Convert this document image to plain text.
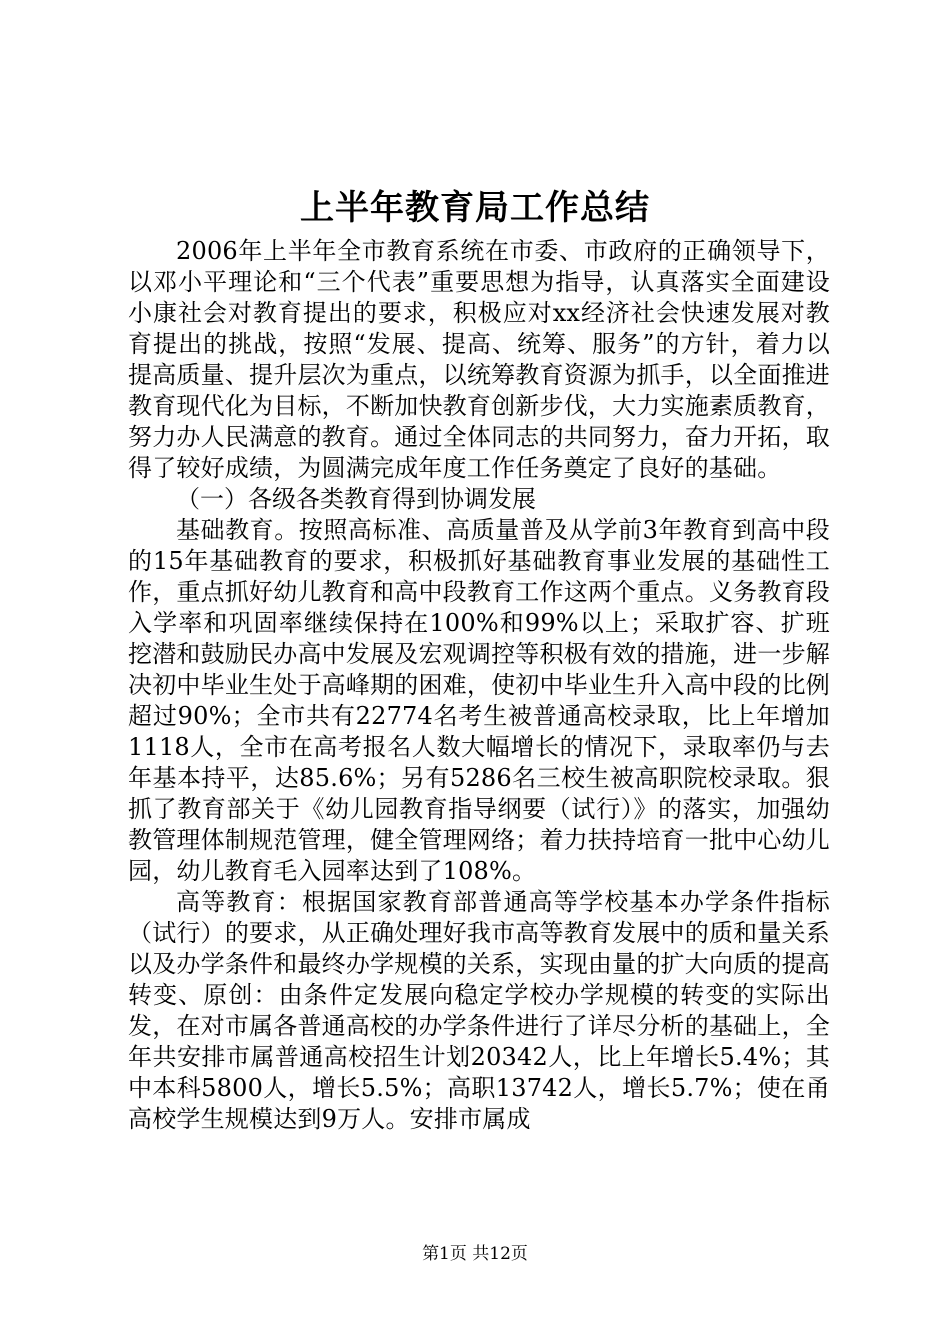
上半年教育局工作总结

2006年上半年全市教育系统在市委、市政府的正确领导下，以邓小平理论和“三个代表”重要思想为指导，认真落实全面建设小康社会对教育提出的要求，积极应对xx经济社会快速发展对教育提出的挑战，按照“发展、提高、统筹、服务”的方针，着力以提高质量、提升层次为重点，以统筹教育资源为抓手，以全面推进教育现代化为目标，不断加快教育创新步伐，大力实施素质教育，努力办人民满意的教育。通过全体同志的共同努力，奋力开拓，取得了较好成绩，为圆满完成年度工作任务奠定了良好的基础。

（一）各级各类教育得到协调发展

基础教育。按照高标准、高质量普及从学前3年教育到高中段的15年基础教育的要求，积极抓好基础教育事业发展的基础性工作，重点抓好幼儿教育和高中段教育工作这两个重点。义务教育段入学率和巩固率继续保持在100%和99%以上；采取扩容、扩班挖潜和鼓励民办高中发展及宏观调控等积极有效的措施，进一步解决初中毕业生处于高峰期的困难，使初中毕业生升入高中段的比例超过90%；全市共有22774名考生被普通高校录取，比上年增加1118人，全市在高考报名人数大幅增长的情况下，录取率仍与去年基本持平，达85.6%；另有5286名三校生被高职院校录取。狠抓了教育部关于《幼儿园教育指导纲要（试行）》的落实，加强幼教管理体制规范管理，健全管理网络；着力扶持培育一批中心幼儿园，幼儿教育毛入园率达到了108%。

高等教育：根据国家教育部普通高等学校基本办学条件指标（试行）的要求，从正确处理好我市高等教育发展中的质和量关系以及办学条件和最终办学规模的关系，实现由量的扩大向质的提高转变、原创：由条件定发展向稳定学校办学规模的转变的实际出发，在对市属各普通高校的办学条件进行了详尽分析的基础上，全年共安排市属普通高校招生计划20342人，比上年增长5.4%；其中本科5800人，增长5.5%；高职13742人，增长5.7%；使在甬高校学生规模达到9万人。安排市属成

第1页 共12页
